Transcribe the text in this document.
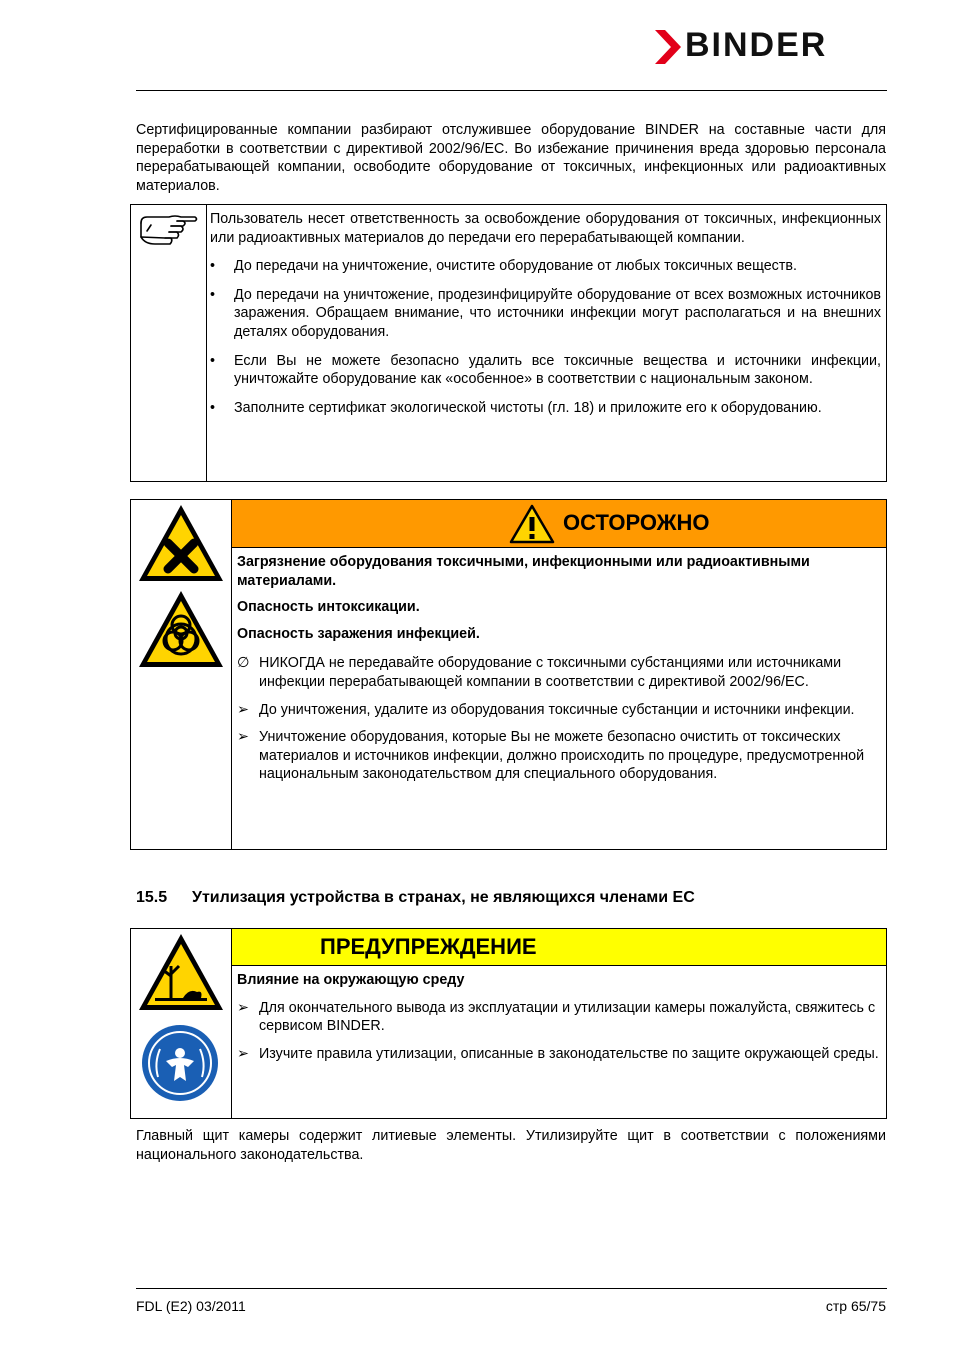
BINDER
Сертифицированные компании разбирают отслужившее оборудование BINDER на составные части для переработки в соответствии с директивой 2002/96/EC. Во избежание причинения вреда здоровью персонала перерабатывающей компании, освободите оборудование от токсичных, инфекционных или радиоактивных материалов.

Пользователь несет ответственность за освобождение оборудования от токсичных, инфекционных или радиоактивных материалов до передачи его перерабатывающей компании.

• До передачи на уничтожение, очистите оборудование от любых токсичных веществ.
• До передачи на уничтожение, продезинфицируйте оборудование от всех возможных источников заражения. Обращаем внимание, что источники инфекции могут располагаться и на внешних деталях оборудования.
• Если Вы не можете безопасно удалить все токсичные вещества и источники инфекции, уничтожайте оборудование как «особенное» в соответствии с национальным законом.
• Заполните сертификат экологической чистоты (гл. 18) и приложите его к оборудованию.
ОСТОРОЖНО

Загрязнение оборудования токсичными, инфекционными или радиоактивными материалами.

Опасность интоксикации.

Опасность заражения инфекцией.

∅ НИКОГДА не передавайте оборудование с токсичными субстанциями или источниками инфекции перерабатывающей компании в соответствии с директивой 2002/96/EC.
➢ До уничтожения, удалите из оборудования токсичные субстанции и источники инфекции.
➢ Уничтожение оборудования, которые Вы не можете безопасно очистить от токсических материалов и источников инфекции, должно происходить по процедуре, предусмотренной национальным законодательством для специального оборудования.
15.5 Утилизация устройства в странах, не являющихся членами EC
ПРЕДУПРЕЖДЕНИЕ

Влияние на окружающую среду

➢ Для окончательного вывода из эксплуатации и утилизации камеры пожалуйста, свяжитесь с сервисом BINDER.
➢ Изучите правила утилизации, описанные в законодательстве по защите окружающей среды.
Главный щит камеры содержит литиевые элементы. Утилизируйте щит в соответствии с положениями национального законодательства.
FDL (E2) 03/2011	стр 65/75
